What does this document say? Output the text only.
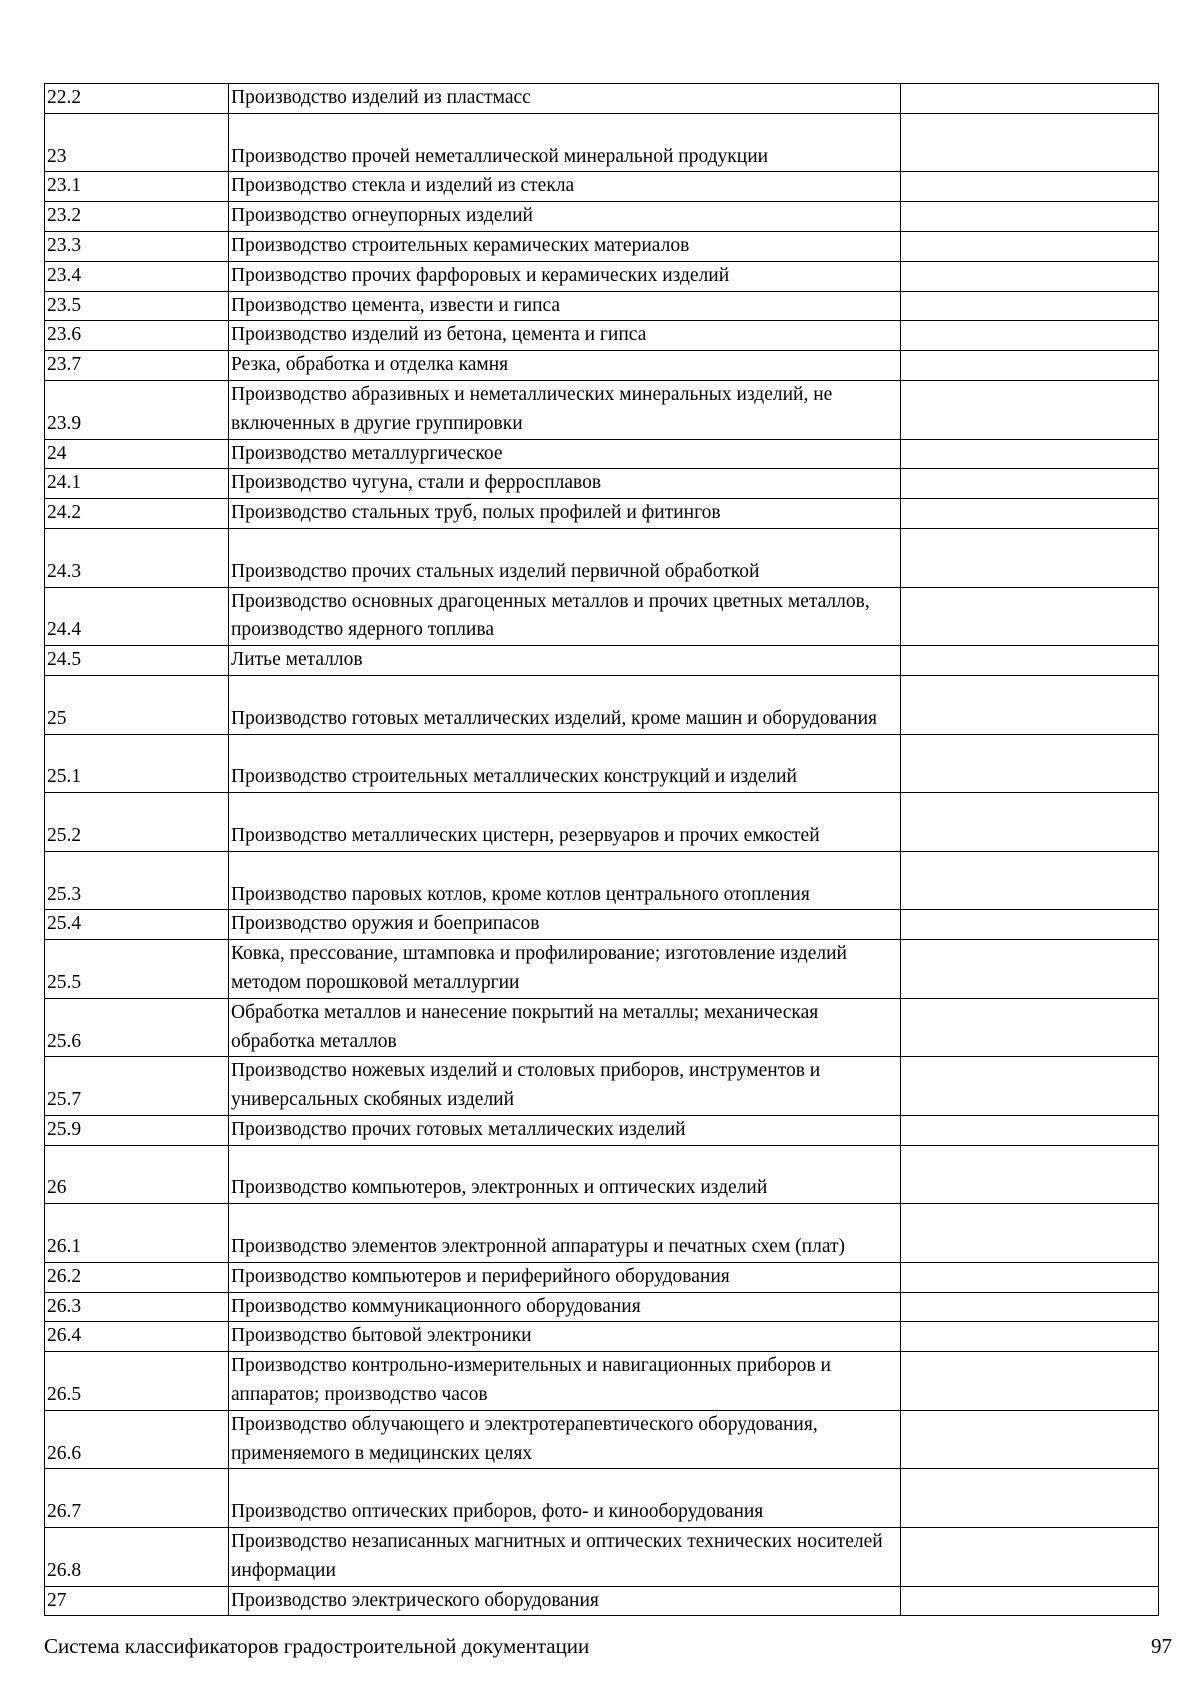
22.2	Производство изделий из пластмасс	
23	Производство прочей неметаллической минеральной продукции	
23.1	Производство стекла и изделий из стекла	
23.2	Производство огнеупорных изделий	
23.3	Производство строительных керамических материалов	
23.4	Производство прочих фарфоровых и керамических изделий	
23.5	Производство цемента, извести и гипса	
23.6	Производство изделий из бетона, цемента и гипса	
23.7	Резка, обработка и отделка камня	
23.9	Производство абразивных и неметаллических минеральных изделий, не включенных в другие группировки	
24	Производство металлургическое	
24.1	Производство чугуна, стали и ферросплавов	
24.2	Производство стальных труб, полых профилей и фитингов	
24.3	Производство прочих стальных изделий первичной обработкой	
24.4	Производство основных драгоценных металлов и прочих цветных металлов, производство ядерного топлива	
24.5	Литье металлов	
25	Производство готовых металлических изделий, кроме машин и оборудования	
25.1	Производство строительных металлических конструкций и изделий	
25.2	Производство металлических цистерн, резервуаров и прочих емкостей	
25.3	Производство паровых котлов, кроме котлов центрального отопления	
25.4	Производство оружия и боеприпасов	
25.5	Ковка, прессование, штамповка и профилирование; изготовление изделий методом порошковой металлургии	
25.6	Обработка металлов и нанесение покрытий на металлы; механическая обработка металлов	
25.7	Производство ножевых изделий и столовых приборов, инструментов и универсальных скобяных изделий	
25.9	Производство прочих готовых металлических изделий	
26	Производство компьютеров, электронных и оптических изделий	
26.1	Производство элементов электронной аппаратуры и печатных схем (плат)	
26.2	Производство компьютеров и периферийного оборудования	
26.3	Производство коммуникационного оборудования	
26.4	Производство бытовой электроники	
26.5	Производство контрольно-измерительных и навигационных приборов и аппаратов; производство часов	
26.6	Производство облучающего и электротерапевтического оборудования, применяемого в медицинских целях	
26.7	Производство оптических приборов, фото- и кинооборудования	
26.8	Производство незаписанных магнитных и оптических технических носителей информации	
27	Производство электрического оборудования	
Система классификаторов градостроительной документации	97
